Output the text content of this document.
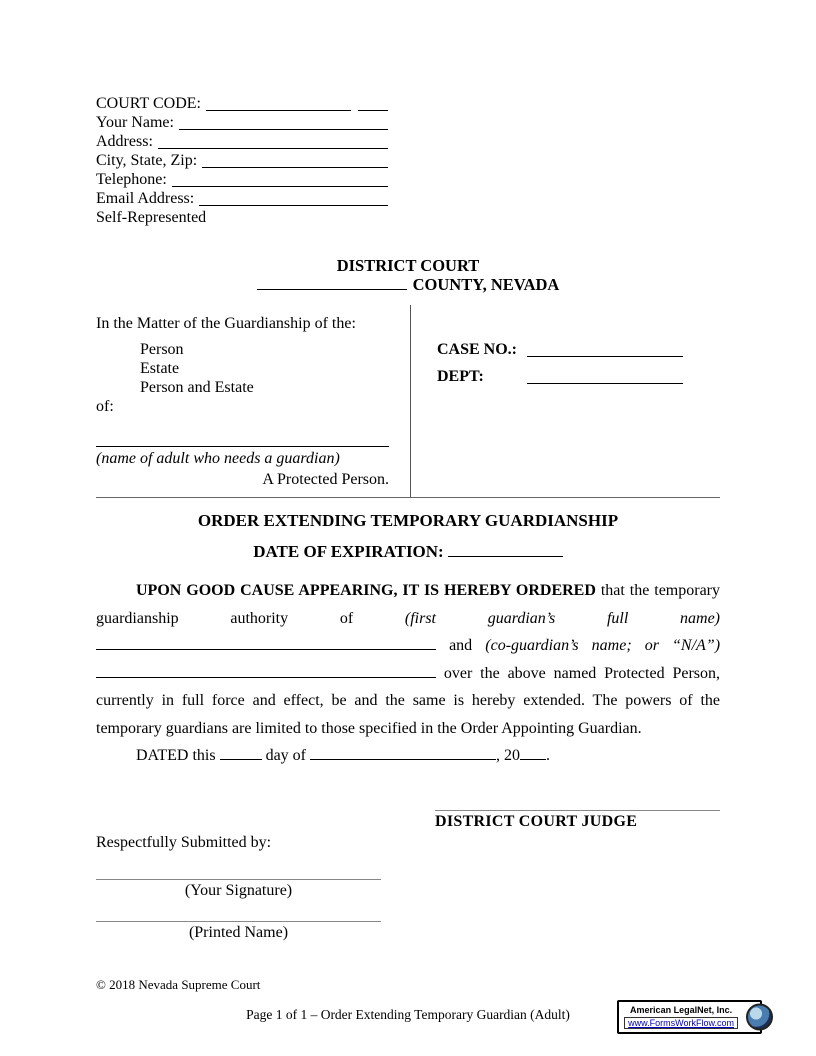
COURT CODE:
Your Name:
Address:
City, State, Zip:
Telephone:
Email Address:
Self-Represented
DISTRICT COURT
COUNTY, NEVADA
In the Matter of the Guardianship of the:
Person
Estate
Person and Estate
of:
(name of adult who needs a guardian)
A Protected Person.
CASE NO.:
DEPT:
ORDER EXTENDING TEMPORARY GUARDIANSHIP
DATE OF EXPIRATION:

UPON GOOD CAUSE APPEARING, IT IS HEREBY ORDERED that the temporary guardianship authority of	(first guardian’s full name)  and (co-guardian’s name; or “N/A”)  over the above named Protected Person, currently in full force and effect, be and the same is hereby extended. The powers of the temporary guardians are limited to those specified in the Order Appointing Guardian.

DATED this	day of	, 20 .

DISTRICT COURT JUDGE
Respectfully Submitted by:
(Your Signature)
(Printed Name)
© 2018 Nevada Supreme Court
Page 1 of 1 – Order Extending Temporary Guardian (Adult)	American LegalNet, Inc.
www.FormsWorkFlow.com
